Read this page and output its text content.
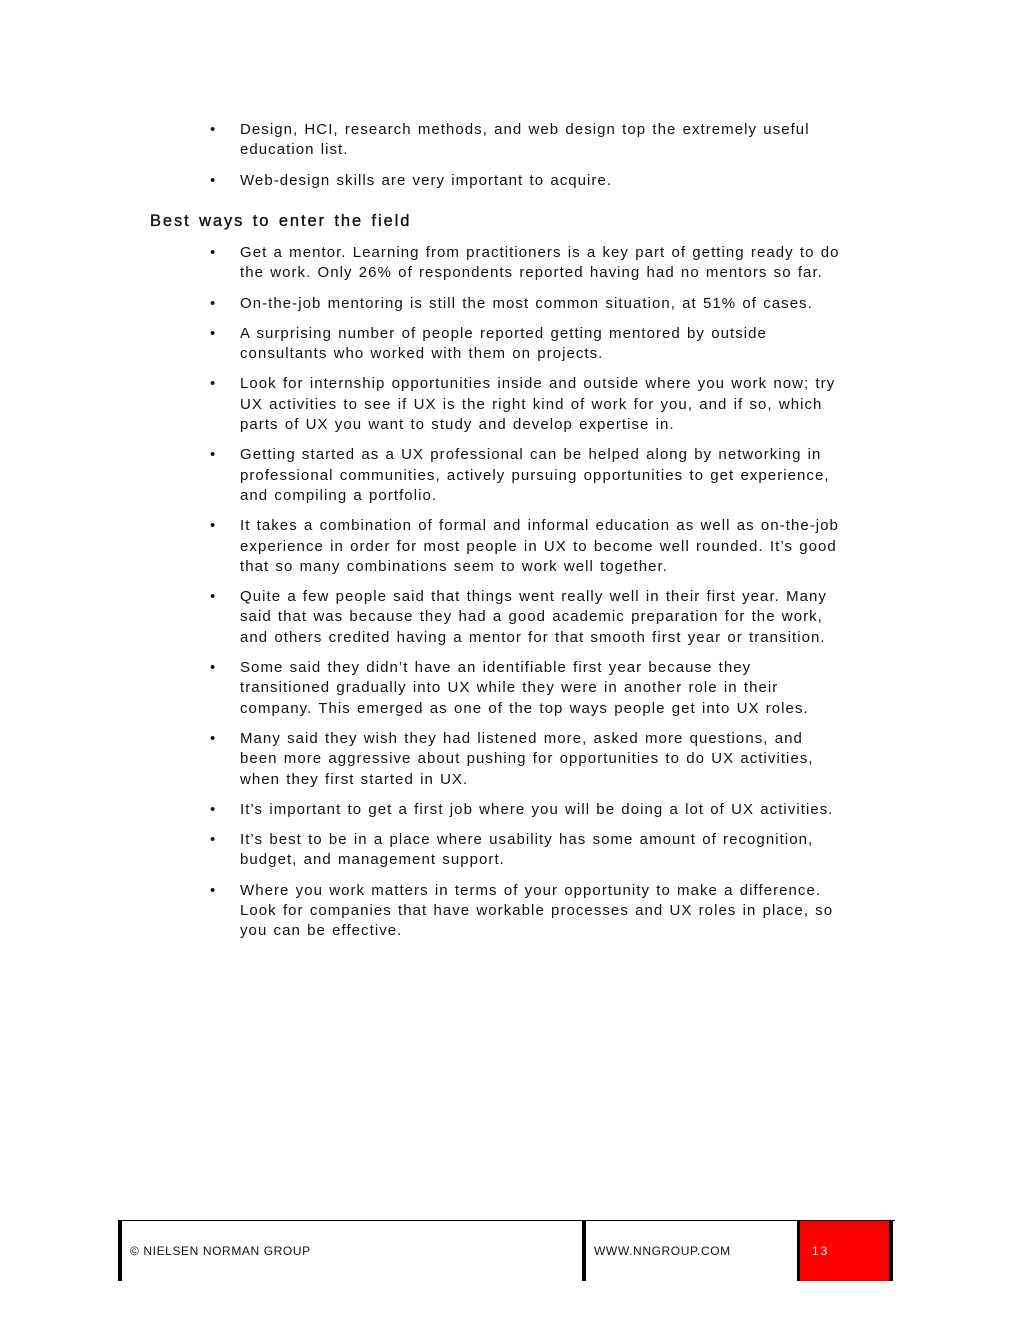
• Design, HCI, research methods, and web design top the extremely useful education list.
• Web-design skills are very important to acquire.
Best ways to enter the field
• Get a mentor. Learning from practitioners is a key part of getting ready to do the work. Only 26% of respondents reported having had no mentors so far.
• On-the-job mentoring is still the most common situation, at 51% of cases.
• A surprising number of people reported getting mentored by outside consultants who worked with them on projects.
• Look for internship opportunities inside and outside where you work now; try UX activities to see if UX is the right kind of work for you, and if so, which parts of UX you want to study and develop expertise in.
• Getting started as a UX professional can be helped along by networking in professional communities, actively pursuing opportunities to get experience, and compiling a portfolio.
• It takes a combination of formal and informal education as well as on-the-job experience in order for most people in UX to become well rounded. It’s good that so many combinations seem to work well together.
• Quite a few people said that things went really well in their first year. Many said that was because they had a good academic preparation for the work, and others credited having a mentor for that smooth first year or transition.
• Some said they didn’t have an identifiable first year because they transitioned gradually into UX while they were in another role in their company. This emerged as one of the top ways people get into UX roles.
• Many said they wish they had listened more, asked more questions, and been more aggressive about pushing for opportunities to do UX activities, when they first started in UX.
• It’s important to get a first job where you will be doing a lot of UX activities.
• It’s best to be in a place where usability has some amount of recognition, budget, and management support.
• Where you work matters in terms of your opportunity to make a difference. Look for companies that have workable processes and UX roles in place, so you can be effective.
© NIELSEN NORMAN GROUP	WWW.NNGROUP.COM	13
